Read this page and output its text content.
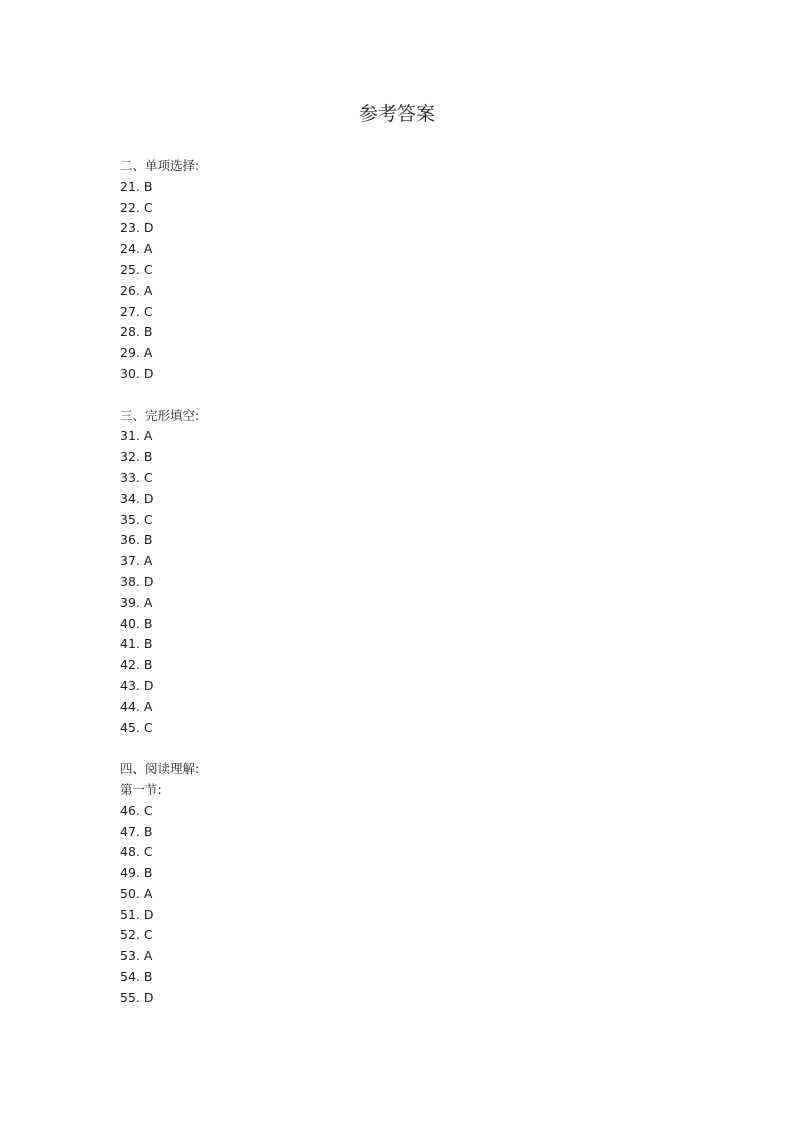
参考答案
二、单项选择:
21. B
22. C
23. D
24. A
25. C
26. A
27. C
28. B
29. A
30. D
三、完形填空:
31. A
32. B
33. C
34. D
35. C
36. B
37. A
38. D
39. A
40. B
41. B
42. B
43. D
44. A
45. C
四、阅读理解:
第一节:
46. C
47. B
48. C
49. B
50. A
51. D
52. C
53. A
54. B
55. D
